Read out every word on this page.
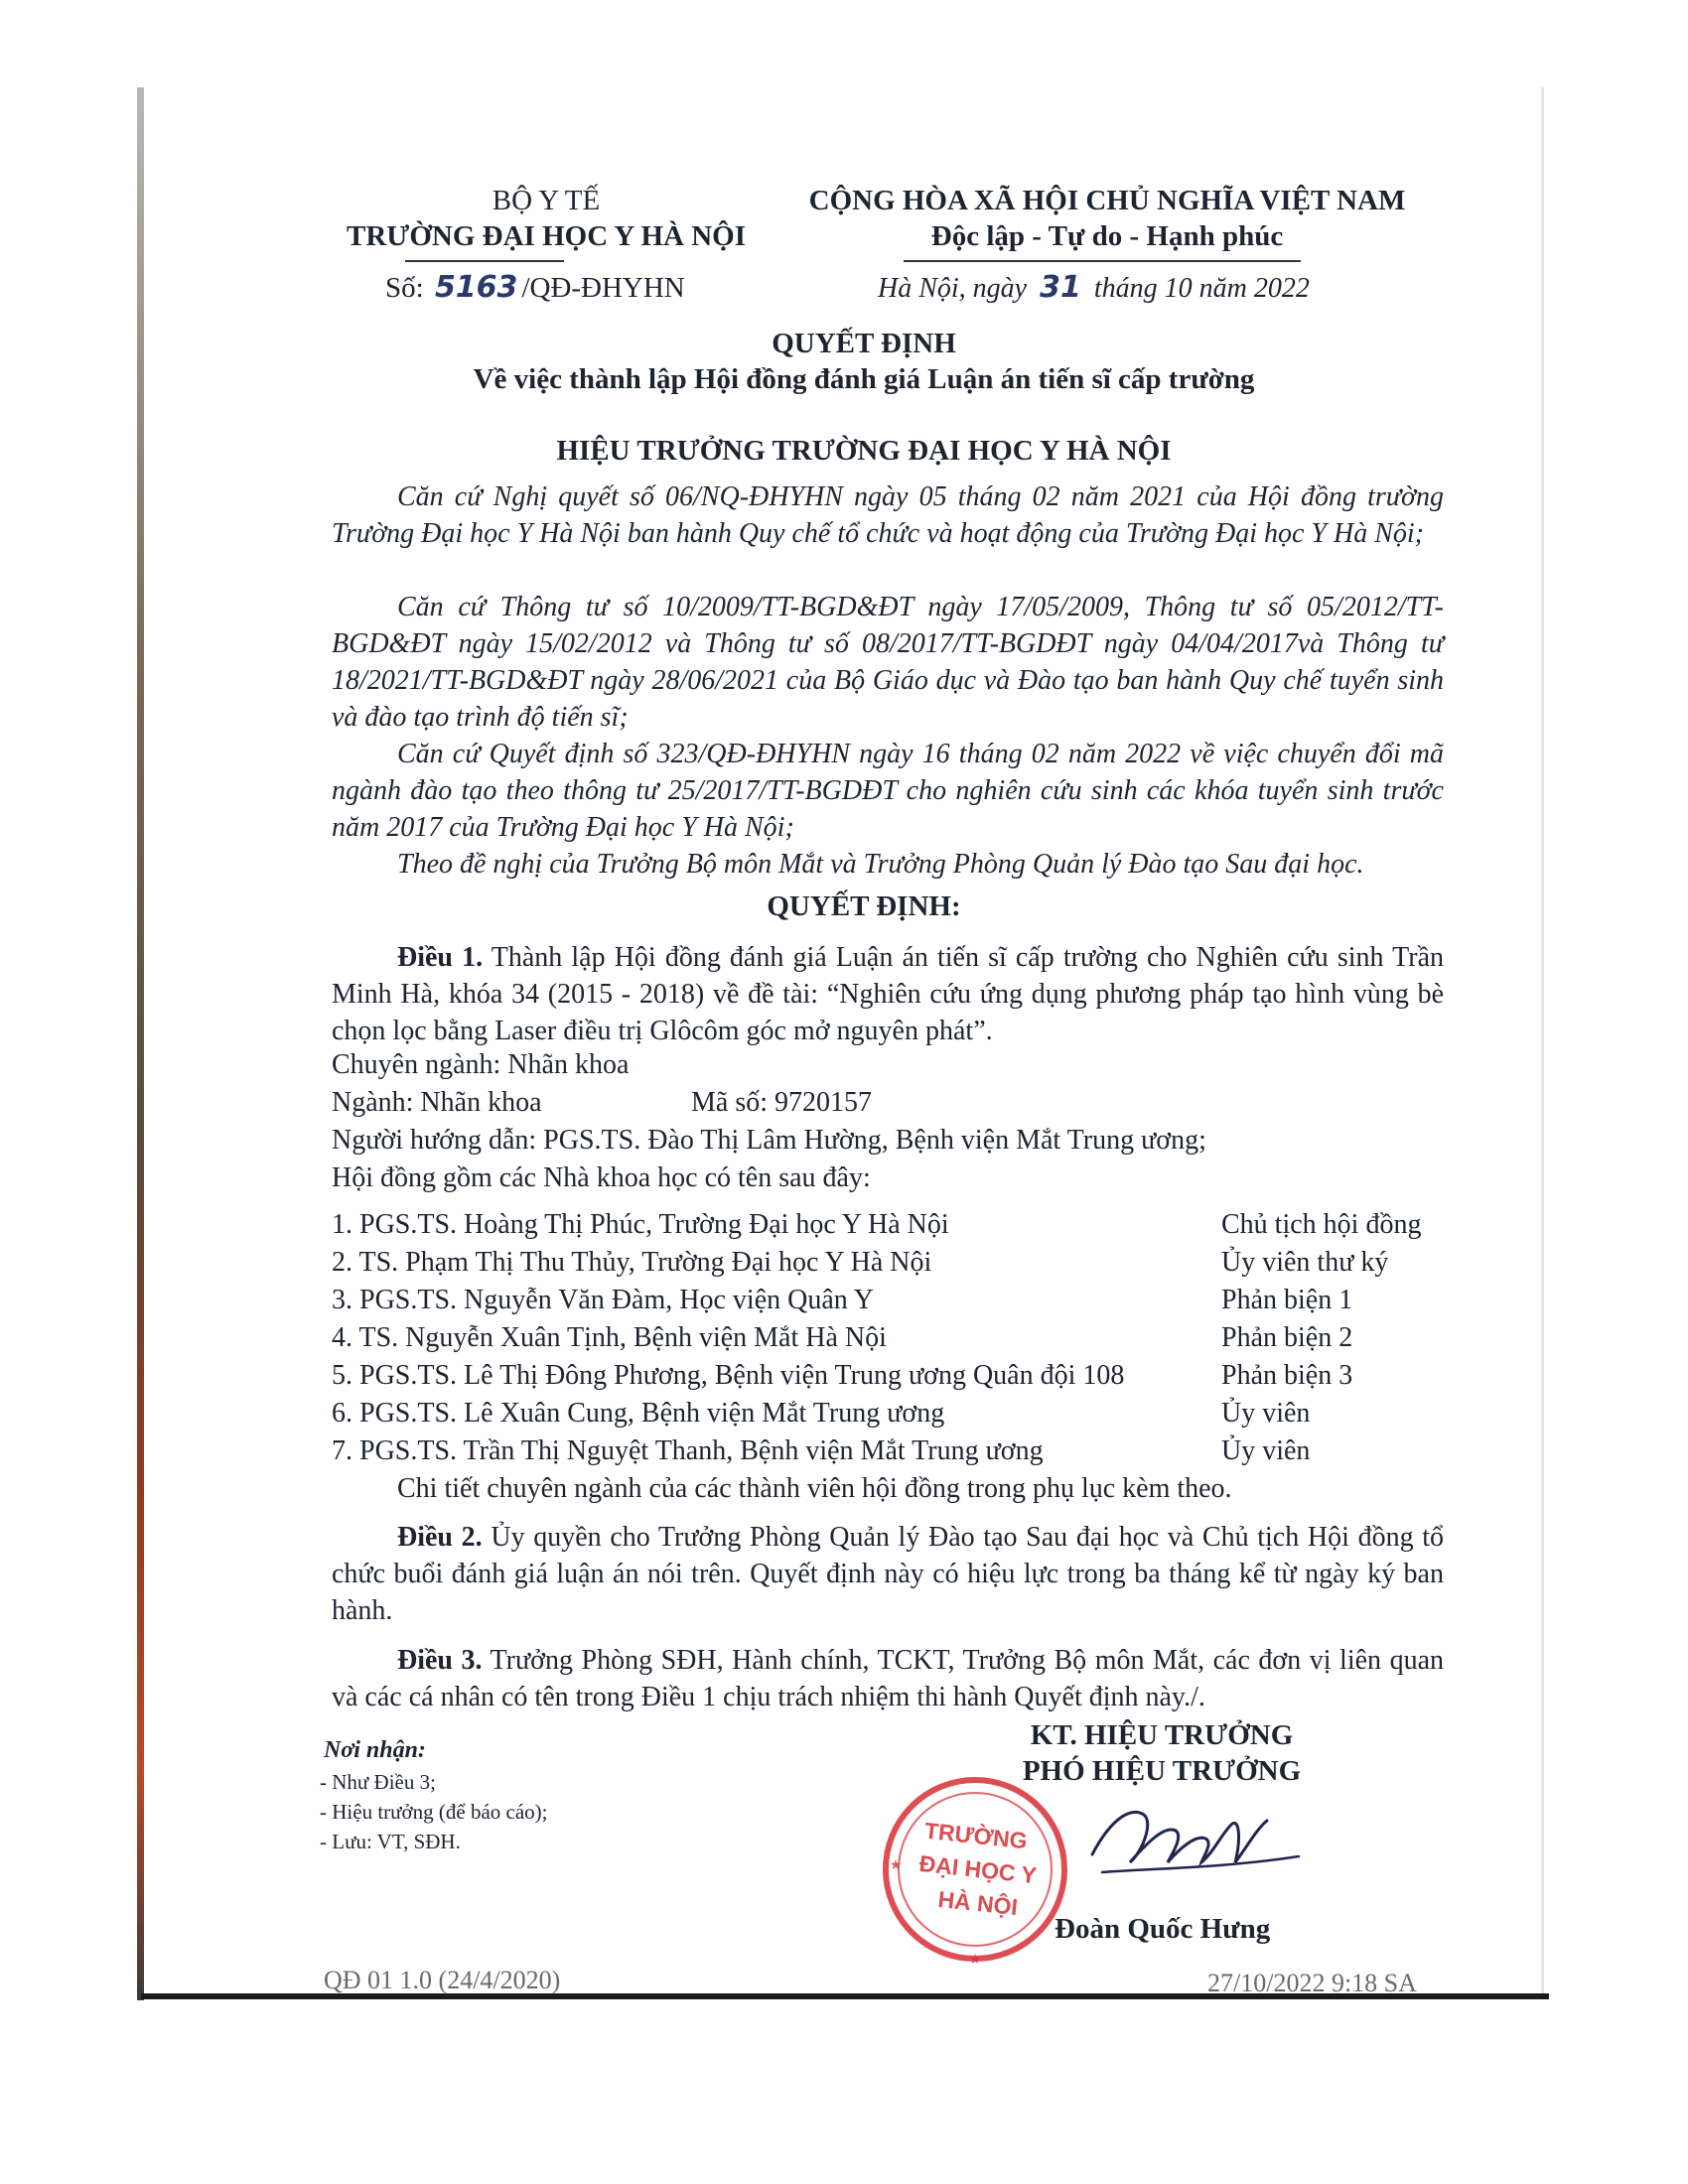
BỘ Y TẾ
TRƯỜNG ĐẠI HỌC Y HÀ NỘI
Số: 5163 /QĐ-ĐHYHN
CỘNG HÒA XÃ HỘI CHỦ NGHĨA VIỆT NAM
Độc lập - Tự do - Hạnh phúc
Hà Nội, ngày 31 tháng 10 năm 2022
QUYẾT ĐỊNH
Về việc thành lập Hội đồng đánh giá Luận án tiến sĩ cấp trường
HIỆU TRƯỞNG TRƯỜNG ĐẠI HỌC Y HÀ NỘI
Căn cứ Nghị quyết số 06/NQ-ĐHYHN ngày 05 tháng 02 năm 2021 của Hội đồng trường Trường Đại học Y Hà Nội ban hành Quy chế tổ chức và hoạt động của Trường Đại học Y Hà Nội;
Căn cứ Thông tư số 10/2009/TT-BGD&ĐT ngày 17/05/2009, Thông tư số 05/2012/TT-BGD&ĐT ngày 15/02/2012 và Thông tư số 08/2017/TT-BGDĐT ngày 04/04/2017và Thông tư 18/2021/TT-BGD&ĐT ngày 28/06/2021 của Bộ Giáo dục và Đào tạo ban hành Quy chế tuyển sinh và đào tạo trình độ tiến sĩ;
Căn cứ Quyết định số 323/QĐ-ĐHYHN ngày 16 tháng 02 năm 2022 về việc chuyển đổi mã ngành đào tạo theo thông tư 25/2017/TT-BGDĐT cho nghiên cứu sinh các khóa tuyển sinh trước năm 2017 của Trường Đại học Y Hà Nội;
Theo đề nghị của Trưởng Bộ môn Mắt và Trưởng Phòng Quản lý Đào tạo Sau đại học.
QUYẾT ĐỊNH:
Điều 1. Thành lập Hội đồng đánh giá Luận án tiến sĩ cấp trường cho Nghiên cứu sinh Trần Minh Hà, khóa 34 (2015 - 2018) về đề tài: “Nghiên cứu ứng dụng phương pháp tạo hình vùng bè chọn lọc bằng Laser điều trị Glôcôm góc mở nguyên phát”.
Chuyên ngành: Nhãn khoa
Ngành: Nhãn khoa	Mã số: 9720157
Người hướng dẫn: PGS.TS. Đào Thị Lâm Hường, Bệnh viện Mắt Trung ương;
Hội đồng gồm các Nhà khoa học có tên sau đây:
1. PGS.TS. Hoàng Thị Phúc, Trường Đại học Y Hà Nội	Chủ tịch hội đồng
2. TS. Phạm Thị Thu Thủy, Trường Đại học Y Hà Nội	Ủy viên thư ký
3. PGS.TS. Nguyễn Văn Đàm, Học viện Quân Y	Phản biện 1
4. TS. Nguyễn Xuân Tịnh, Bệnh viện Mắt Hà Nội	Phản biện 2
5. PGS.TS. Lê Thị Đông Phương, Bệnh viện Trung ương Quân đội 108	Phản biện 3
6. PGS.TS. Lê Xuân Cung, Bệnh viện Mắt Trung ương	Ủy viên
7. PGS.TS. Trần Thị Nguyệt Thanh, Bệnh viện Mắt Trung ương	Ủy viên
Chi tiết chuyên ngành của các thành viên hội đồng trong phụ lục kèm theo.
Điều 2. Ủy quyền cho Trưởng Phòng Quản lý Đào tạo Sau đại học và Chủ tịch Hội đồng tổ chức buổi đánh giá luận án nói trên. Quyết định này có hiệu lực trong ba tháng kể từ ngày ký ban hành.
Điều 3. Trưởng Phòng SĐH, Hành chính, TCKT, Trưởng Bộ môn Mắt, các đơn vị liên quan và các cá nhân có tên trong Điều 1 chịu trách nhiệm thi hành Quyết định này./.
Nơi nhận:
- Như Điều 3;
- Hiệu trưởng (để báo cáo);
- Lưu: VT, SĐH.
KT. HIỆU TRƯỞNG
PHÓ HIỆU TRƯỞNG
TRƯỜNG
ĐẠI HỌC Y
HÀ NỘI
★
★
Đoàn Quốc Hưng
QĐ 01 1.0 (24/4/2020)	27/10/2022 9:18 SA
